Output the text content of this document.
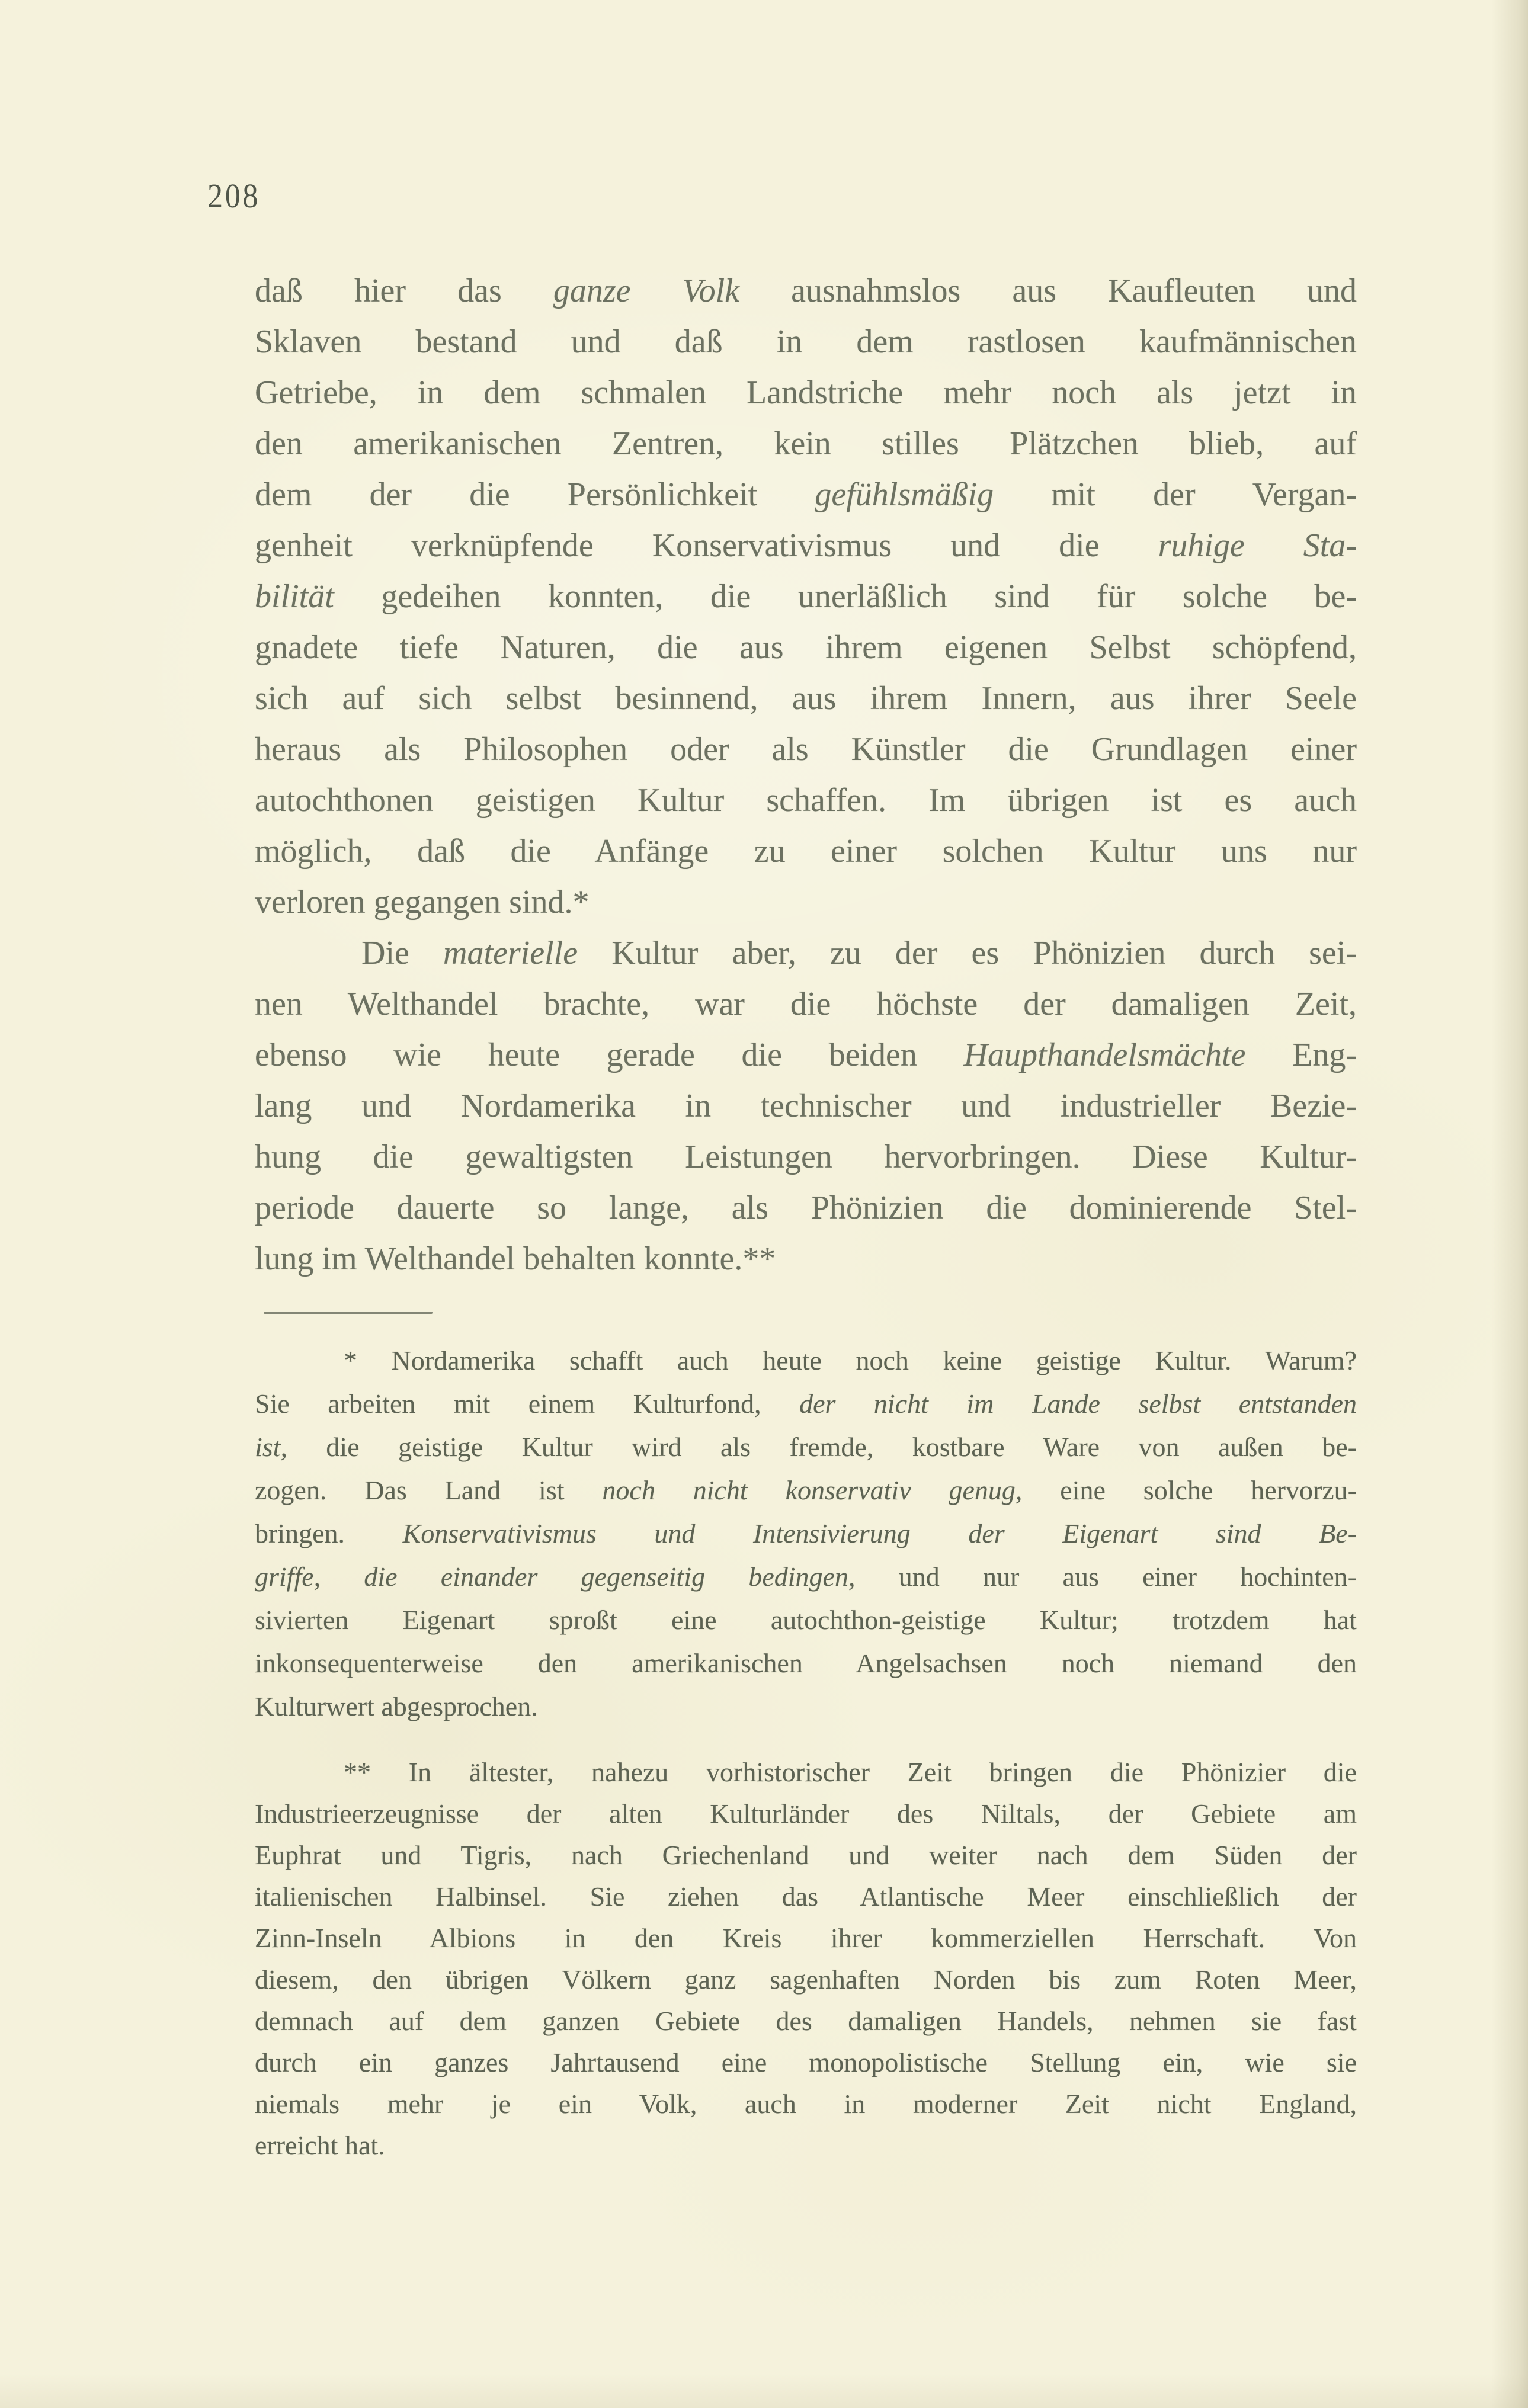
208
daß hier das ganze Volk ausnahmslos aus Kaufleuten und
Sklaven bestand und daß in dem rastlosen kaufmännischen
Getriebe, in dem schmalen Landstriche mehr noch als jetzt in
den amerikanischen Zentren, kein stilles Plätzchen blieb, auf
dem der die Persönlichkeit gefühlsmäßig mit der Vergan-
genheit verknüpfende Konservativismus und die ruhige Sta-
bilität gedeihen konnten, die unerläßlich sind für solche be-
gnadete tiefe Naturen, die aus ihrem eigenen Selbst schöpfend,
sich auf sich selbst besinnend, aus ihrem Innern, aus ihrer Seele
heraus als Philosophen oder als Künstler die Grundlagen einer
autochthonen geistigen Kultur schaffen. Im übrigen ist es auch
möglich, daß die Anfänge zu einer solchen Kultur uns nur
verloren gegangen sind.*
Die materielle Kultur aber, zu der es Phönizien durch sei-
nen Welthandel brachte, war die höchste der damaligen Zeit,
ebenso wie heute gerade die beiden Haupthandelsmächte Eng-
lang und Nordamerika in technischer und industrieller Bezie-
hung die gewaltigsten Leistungen hervorbringen. Diese Kultur-
periode dauerte so lange, als Phönizien die dominierende Stel-
lung im Welthandel behalten konnte.**
* Nordamerika schafft auch heute noch keine geistige Kultur. Warum?
Sie arbeiten mit einem Kulturfond, der nicht im Lande selbst entstanden
ist, die geistige Kultur wird als fremde, kostbare Ware von außen be-
zogen. Das Land ist noch nicht konservativ genug, eine solche hervorzu-
bringen. Konservativismus und Intensivierung der Eigenart sind Be-
griffe, die einander gegenseitig bedingen, und nur aus einer hochinten-
sivierten Eigenart sproßt eine autochthon-geistige Kultur; trotzdem hat
inkonsequenterweise den amerikanischen Angelsachsen noch niemand den
Kulturwert abgesprochen.
** In ältester, nahezu vorhistorischer Zeit bringen die Phönizier die
Industrieerzeugnisse der alten Kulturländer des Niltals, der Gebiete am
Euphrat und Tigris, nach Griechenland und weiter nach dem Süden der
italienischen Halbinsel. Sie ziehen das Atlantische Meer einschließlich der
Zinn-Inseln Albions in den Kreis ihrer kommerziellen Herrschaft. Von
diesem, den übrigen Völkern ganz sagenhaften Norden bis zum Roten Meer,
demnach auf dem ganzen Gebiete des damaligen Handels, nehmen sie fast
durch ein ganzes Jahrtausend eine monopolistische Stellung ein, wie sie
niemals mehr je ein Volk, auch in moderner Zeit nicht England,
erreicht hat.
